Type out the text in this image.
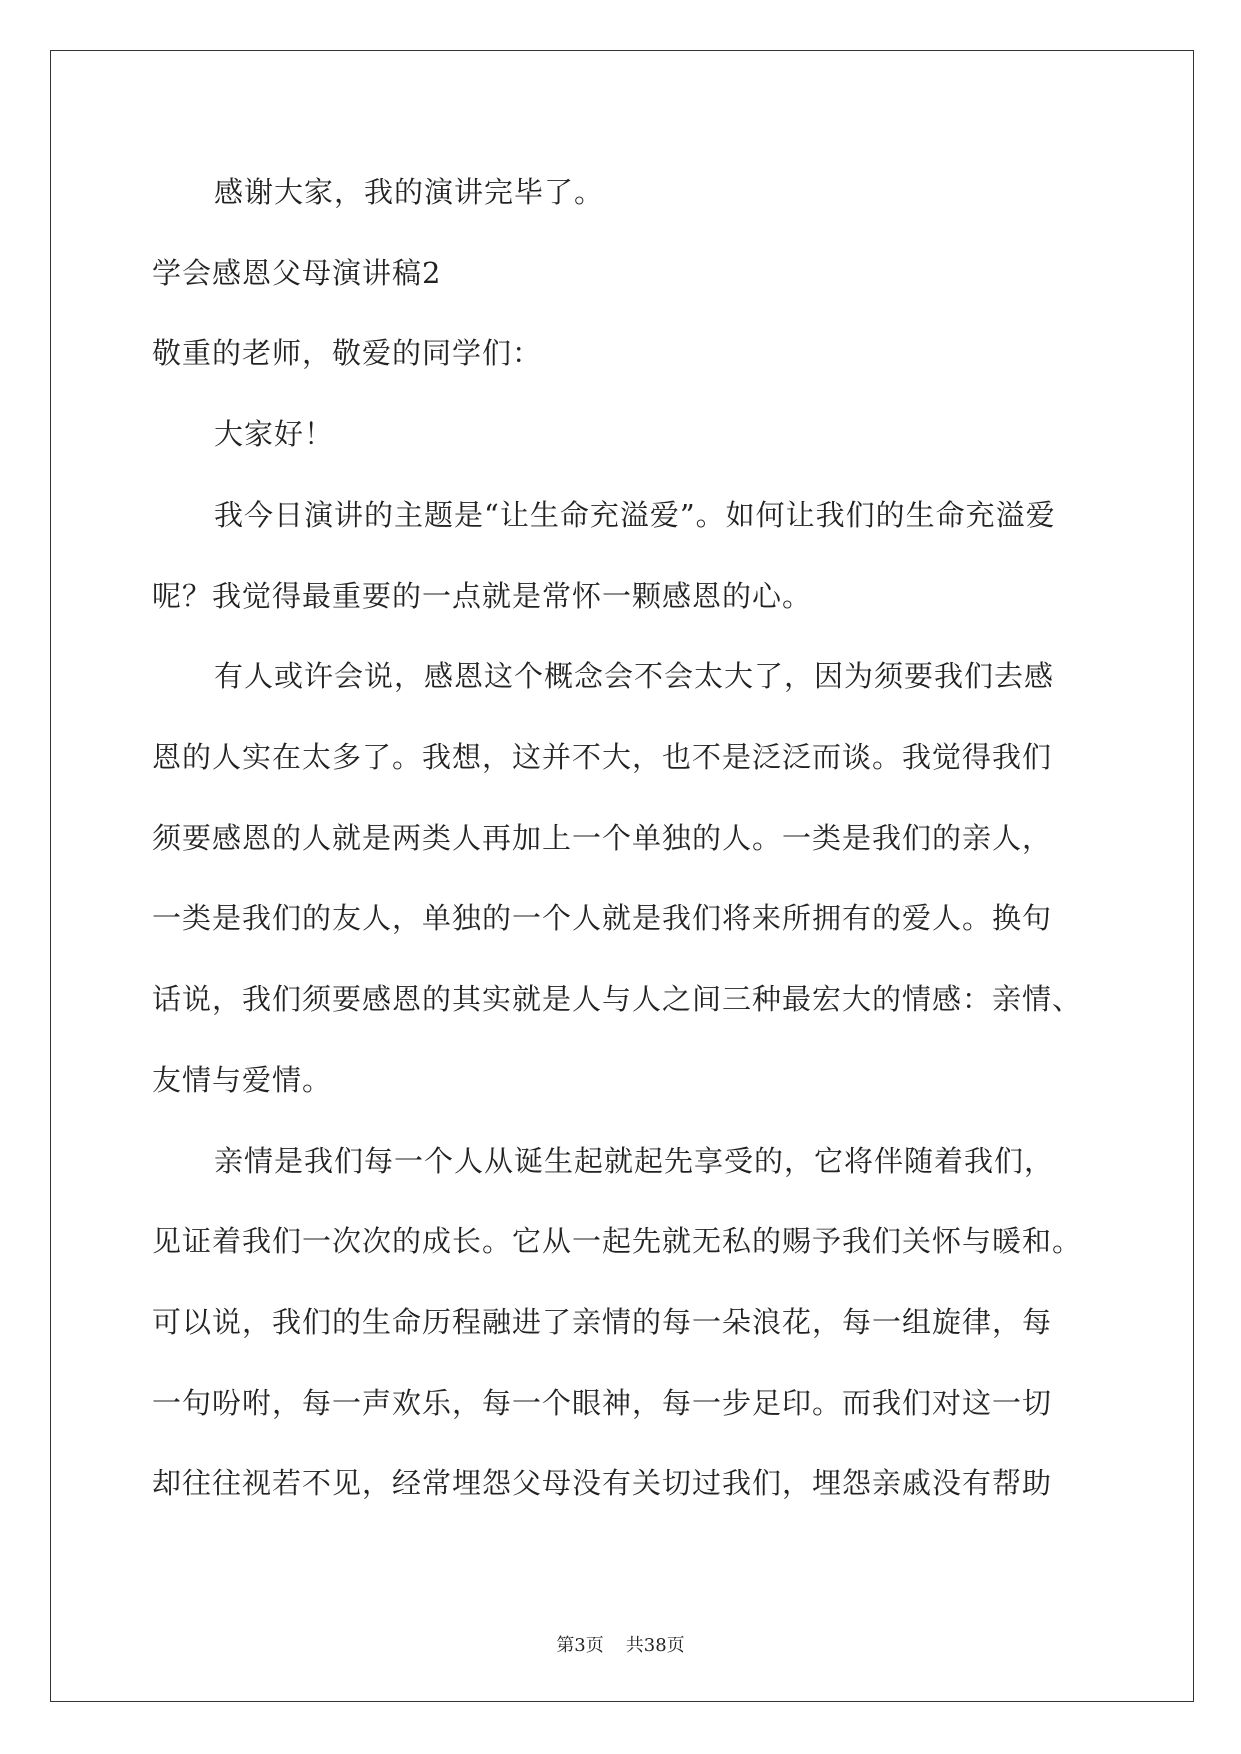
感谢大家，我的演讲完毕了。
学会感恩父母演讲稿2
敬重的老师，敬爱的同学们：
大家好！
我今日演讲的主题是“让生命充溢爱”。如何让我们的生命充溢爱
呢？我觉得最重要的一点就是常怀一颗感恩的心。
有人或许会说，感恩这个概念会不会太大了，因为须要我们去感
恩的人实在太多了。我想，这并不大，也不是泛泛而谈。我觉得我们
须要感恩的人就是两类人再加上一个单独的人。一类是我们的亲人，
一类是我们的友人，单独的一个人就是我们将来所拥有的爱人。换句
话说，我们须要感恩的其实就是人与人之间三种最宏大的情感：亲情、
友情与爱情。
亲情是我们每一个人从诞生起就起先享受的，它将伴随着我们，
见证着我们一次次的成长。它从一起先就无私的赐予我们关怀与暖和。
可以说，我们的生命历程融进了亲情的每一朵浪花，每一组旋律，每
一句吩咐，每一声欢乐，每一个眼神，每一步足印。而我们对这一切
却往往视若不见，经常埋怨父母没有关切过我们，埋怨亲戚没有帮助
第3页 共38页
